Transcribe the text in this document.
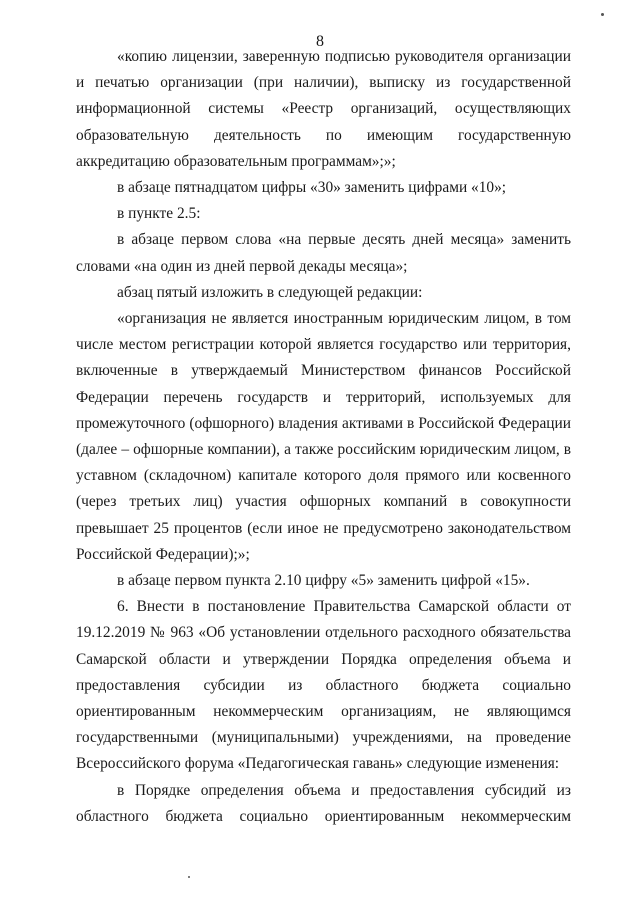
8

«копию лицензии, заверенную подписью руководителя организации и печатью организации (при наличии), выписку из государственной информационной системы «Реестр организаций, осуществляющих образовательную деятельность по имеющим государственную аккредитацию образовательным программам»;»;

в абзаце пятнадцатом цифры «30» заменить цифрами «10»;

в пункте 2.5:

в абзаце первом слова «на первые десять дней месяца» заменить словами «на один из дней первой декады месяца»;

абзац пятый изложить в следующей редакции:

«организация не является иностранным юридическим лицом, в том числе местом регистрации которой является государство или территория, включенные в утверждаемый Министерством финансов Российской Федерации перечень государств и территорий, используемых для промежуточного (офшорного) владения активами в Российской Федерации (далее – офшорные компании), а также российским юридическим лицом, в уставном (складочном) капитале которого доля прямого или косвенного (через третьих лиц) участия офшорных компаний в совокупности превышает 25 процентов (если иное не предусмотрено законодательством Российской Федерации);»;

в абзаце первом пункта 2.10 цифру «5» заменить цифрой «15».

6. Внести в постановление Правительства Самарской области от 19.12.2019 № 963 «Об установлении отдельного расходного обязательства Самарской области и утверждении Порядка определения объема и предоставления субсидии из областного бюджета социально ориентированным некоммерческим организациям, не являющимся государственными (муниципальными) учреждениями, на проведение Всероссийского форума «Педагогическая гавань» следующие изменения:

в Порядке определения объема и предоставления субсидий из областного бюджета социально ориентированным некоммерческим
